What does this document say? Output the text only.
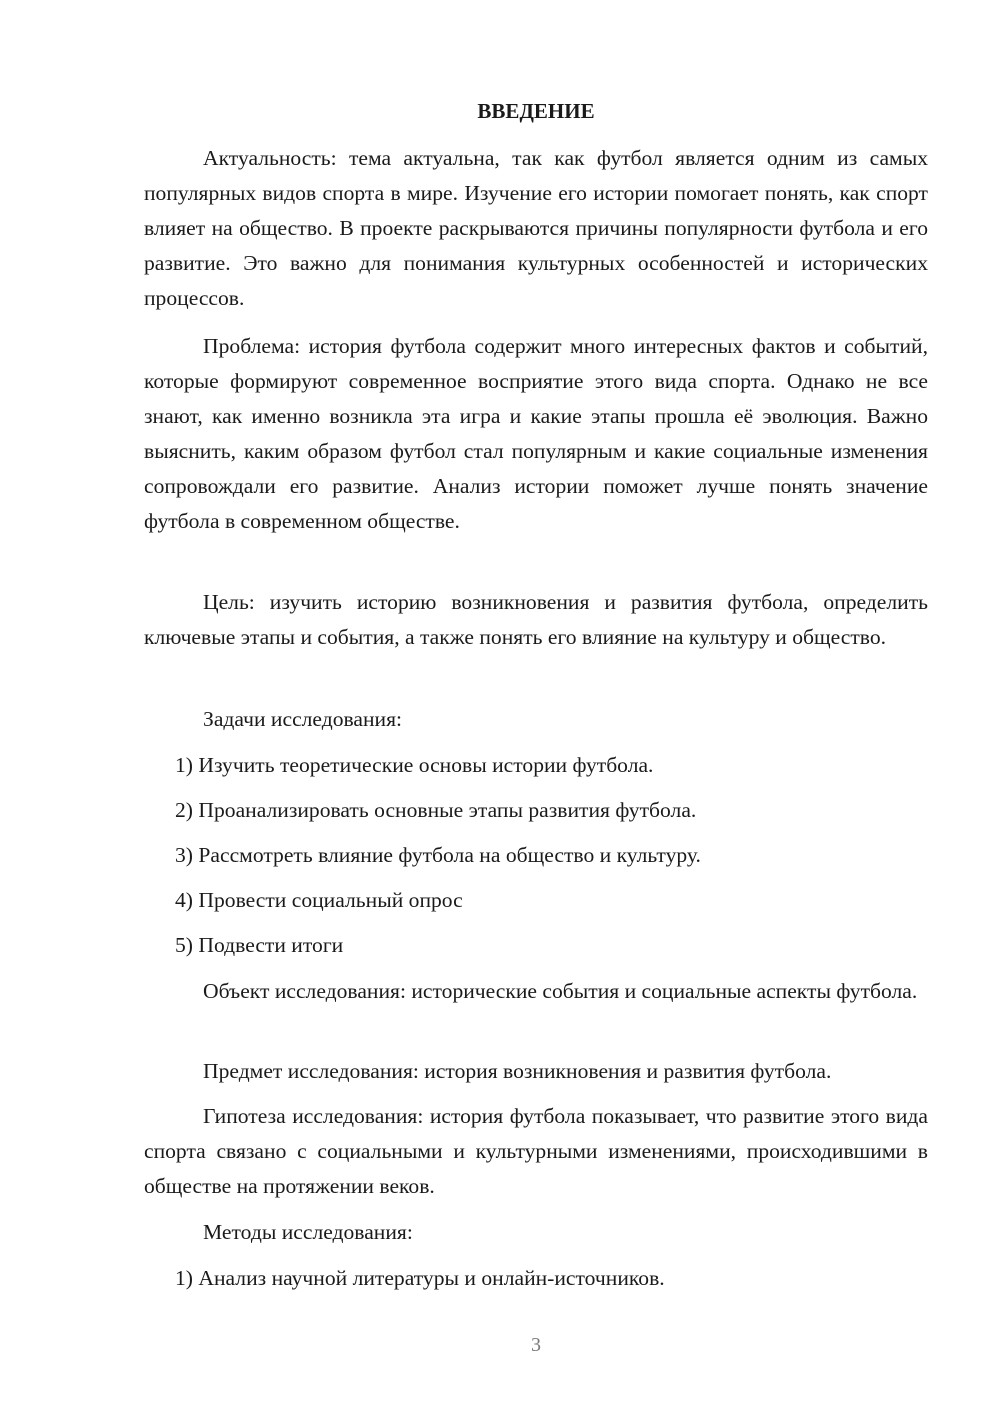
ВВЕДЕНИЕ

Актуальность: тема актуальна, так как футбол является одним из самых популярных видов спорта в мире. Изучение его истории помогает понять, как спорт влияет на общество. В проекте раскрываются причины популярности футбола и его развитие. Это важно для понимания культурных особенностей и исторических процессов.

Проблема: история футбола содержит много интересных фактов и событий, которые формируют современное восприятие этого вида спорта. Однако не все знают, как именно возникла эта игра и какие этапы прошла её эволюция. Важно выяснить, каким образом футбол стал популярным и какие социальные изменения сопровождали его развитие. Анализ истории поможет лучше понять значение футбола в современном обществе.

Цель: изучить историю возникновения и развития футбола, определить ключевые этапы и события, а также понять его влияние на культуру и общество.

Задачи исследования:

1) Изучить теоретические основы истории футбола.

2) Проанализировать основные этапы развития футбола.

3) Рассмотреть влияние футбола на общество и культуру.

4) Провести социальный опрос

5) Подвести итоги

Объект исследования: исторические события и социальные аспекты футбола.

Предмет исследования: история возникновения и развития футбола.

Гипотеза исследования: история футбола показывает, что развитие этого вида спорта связано с социальными и культурными изменениями, происходившими в обществе на протяжении веков.

Методы исследования:

1) Анализ научной литературы и онлайн-источников.

3
